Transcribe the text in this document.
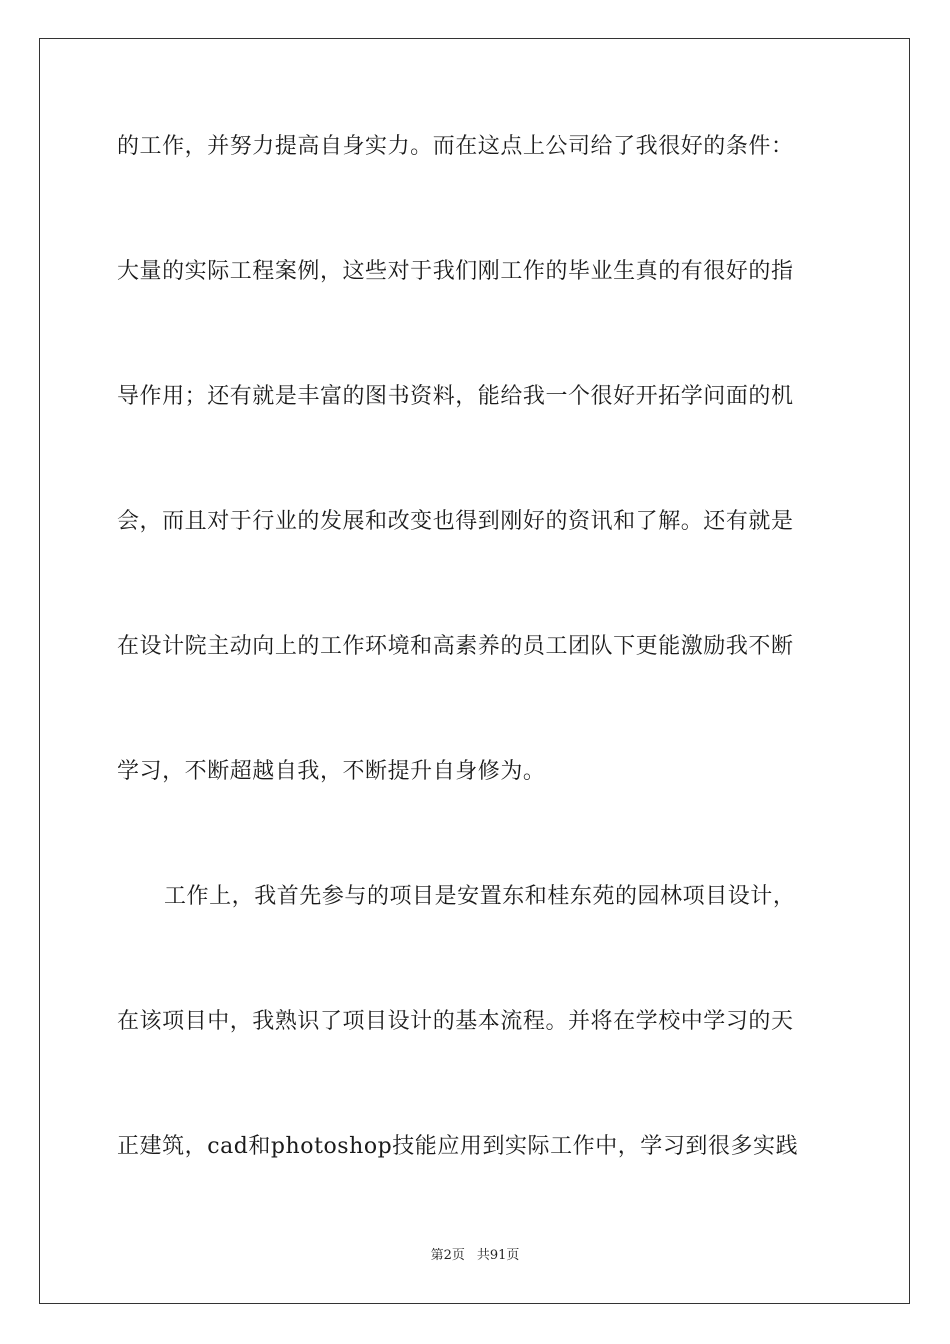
的工作，并努力提高自身实力。而在这点上公司给了我很好的条件：
大量的实际工程案例，这些对于我们刚工作的毕业生真的有很好的指
导作用；还有就是丰富的图书资料，能给我一个很好开拓学问面的机
会，而且对于行业的发展和改变也得到刚好的资讯和了解。还有就是
在设计院主动向上的工作环境和高素养的员工团队下更能激励我不断
学习，不断超越自我，不断提升自身修为。
工作上，我首先参与的项目是安置东和桂东苑的园林项目设计，
在该项目中，我熟识了项目设计的基本流程。并将在学校中学习的天
正建筑，cad和photoshop技能应用到实际工作中，学习到很多实践
第2页 共91页
